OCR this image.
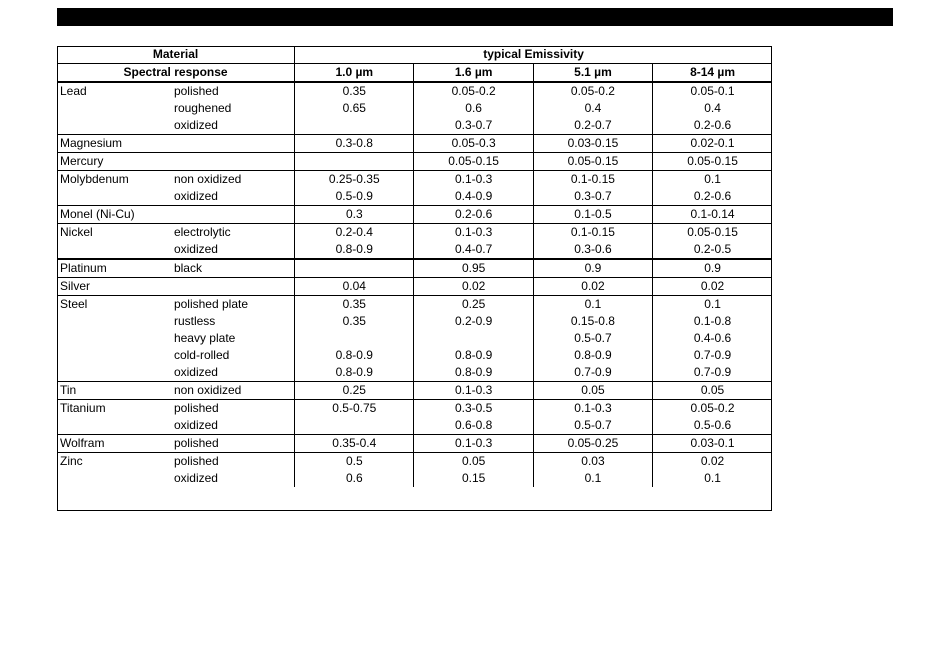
Material		typical Emissivity			
Spectral response		1.0 µm	1.6 µm	5.1 µm	8-14 µm
Lead	polished	0.35	0.05-0.2	0.05-0.2	0.05-0.1
	roughened	0.65	0.6	0.4	0.4
	oxidized		0.3-0.7	0.2-0.7	0.2-0.6
Magnesium		0.3-0.8	0.05-0.3	0.03-0.15	0.02-0.1
Mercury			0.05-0.15	0.05-0.15	0.05-0.15
Molybdenum	non oxidized	0.25-0.35	0.1-0.3	0.1-0.15	0.1
	oxidized	0.5-0.9	0.4-0.9	0.3-0.7	0.2-0.6
Monel (Ni-Cu)		0.3	0.2-0.6	0.1-0.5	0.1-0.14
Nickel	electrolytic	0.2-0.4	0.1-0.3	0.1-0.15	0.05-0.15
	oxidized	0.8-0.9	0.4-0.7	0.3-0.6	0.2-0.5
Platinum	black		0.95	0.9	0.9
Silver		0.04	0.02	0.02	0.02
Steel	polished plate	0.35	0.25	0.1	0.1
	rustless	0.35	0.2-0.9	0.15-0.8	0.1-0.8
	heavy plate			0.5-0.7	0.4-0.6
	cold-rolled	0.8-0.9	0.8-0.9	0.8-0.9	0.7-0.9
	oxidized	0.8-0.9	0.8-0.9	0.7-0.9	0.7-0.9
Tin	non oxidized	0.25	0.1-0.3	0.05	0.05
Titanium	polished	0.5-0.75	0.3-0.5	0.1-0.3	0.05-0.2
	oxidized		0.6-0.8	0.5-0.7	0.5-0.6
Wolfram	polished	0.35-0.4	0.1-0.3	0.05-0.25	0.03-0.1
Zinc	polished	0.5	0.05	0.03	0.02
	oxidized	0.6	0.15	0.1	0.1
